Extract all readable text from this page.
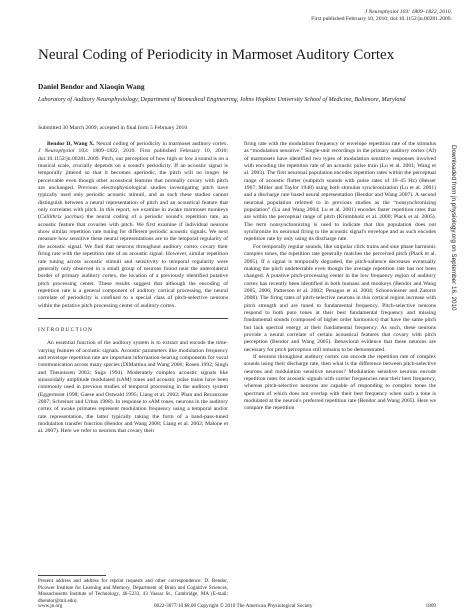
J Neurophysiol 103: 1809–1822, 2010.
First published February 10, 2010; doi:10.1152/jn.00281.2009.
Neural Coding of Periodicity in Marmoset Auditory Cortex
Daniel Bendor and Xiaoqin Wang
Laboratory of Auditory Neurophysiology, Department of Biomedical Engineering, Johns Hopkins University School of Medicine, Baltimore, Maryland
Submitted 30 March 2009; accepted in final form 5 February 2010

Bendor D, Wang X. Neural coding of periodicity in marmoset auditory cortex. J Neurophysiol 103: 1809–1822, 2010. First published February 10, 2010; doi:10.1152/jn.00281.2009. Pitch, our perception of how high or low a sound is on a musical scale, crucially depends on a sound's periodicity. If an acoustic signal is temporally jittered so that it becomes aperiodic, the pitch will no longer be perceivable even though other acoustical features that normally covary with pitch are unchanged. Previous electrophysiological studies investigating pitch have typically used only periodic acoustic stimuli, and as such these studies cannot distinguish between a neural representation of pitch and an acoustical feature that only correlates with pitch. In this report, we examine in awake marmoset monkeys (Callithrix jacchus) the neural coding of a periodic sound's repetition rate, an acoustic feature that covaries with pitch. We first examine if individual neurons show similar repetition rate tuning for different periodic acoustic signals. We next measure how sensitive these neural representations are to the temporal regularity of the acoustic signal. We find that neurons throughout auditory cortex covary their firing rate with the repetition rate of an acoustic signal. However, similar repetition rate tuning across acoustic stimuli and sensitivity to temporal regularity were generally only observed in a small group of neurons found near the anterolateral border of primary auditory cortex, the location of a previously identified putative pitch processing center. These results suggest that although the encoding of repetition rate is a general component of auditory cortical processing, the neural correlate of periodicity is confined to a special class of pitch-selective neurons within the putative pitch processing center of auditory cortex.

INTRODUCTION

An essential function of the auditory system is to extract and encode the time-varying features of acoustic signals. Acoustic parameters like modulation frequency and envelope repetition rate are important information-bearing components for vocal communication across many species (DiMattina and Wang 2006; Rosen 1992; Singh and Theunissen 2003; Suga 1994). Moderately complex acoustic signals like sinusoidally amplitude modulated (sAM) tones and acoustic pulse trains have been commonly used in previous studies of temporal processing in the auditory system (Eggermont 1998; Gaese and Ostwald 1995; Liang et al. 2002; Phan and Recanzone 2007; Schreiner and Urbas 1988). In response to sAM tones, neurons in the auditory cortex of awake primates represent modulation frequency using a temporal and/or rate representation, the latter typically taking the form of a band-pass-tuned modulation transfer function (Bendor and Wang 2008; Liang et al. 2002; Malone et al. 2007). Here we refer to neurons that covary their

firing rate with the modulation frequency or envelope repetition rate of the stimulus as “modulation sensitive.” Single-unit recordings in the primary auditory cortex (AI) of marmosets have identified two types of modulation sensitive responses involved with encoding the repetition rate of an acoustic pulse train (Lu et al. 2001; Wang et al. 2003). The first neuronal population encodes repetition rates within the perceptual range of acoustic flutter (subpitch sounds with pulse rates of 10–45 Hz) (Besser 1967; Miller and Taylor 1948) using both stimulus synchronization (Lu et al. 2001) and a discharge rate based neural representation (Bendor and Wang 2007). A second neuronal population referred to in previous studies as the “nonsynchronizing population” (Lu and Wang 2004; Lu et al. 2001) encodes faster repetition rates that are within the perceptual range of pitch (Krumbholz et al. 2000; Plack et al. 2005). The term nonsynchronizing is used to indicate that this population does not synchronize its neuronal firing to the acoustic signal's envelope and as such encodes repetition rate by only using its discharge rate.

For temporally regular sounds, like unipolar click trains and sine phase harmonic complex tones, the repetition rate generally matches the perceived pitch (Plack et al. 2005). If a signal is temporally degraded, the pitch-salience decreases eventually making the pitch undetectable even though the average repetition rate has not been changed. A putative pitch-processing center in the low frequency region of auditory cortex has recently been identified in both humans and monkeys (Bendor and Wang 2005, 2006; Patterson et al. 2002; Penagos et al. 2004; Schonwiesner and Zatorre 2008). The firing rates of pitch-selective neurons in this cortical region increase with pitch strength and are tuned to fundamental frequency. Pitch-selective neurons respond to both pure tones at their best fundamental frequency and missing fundamental sounds (composed of higher order harmonics) that have the same pitch but lack spectral energy at their fundamental frequency. As such, these neurons provide a neural correlate of certain acoustical features that covary with pitch perception (Bendor and Wang 2005). Behavioral evidence that these neurons are necessary for pitch perception still remains to be demonstrated.

If neurons throughout auditory cortex can encode the repetition rate of complex sounds using their discharge rate, then what is the difference between pitch-selective neurons and modulation sensitive neurons? Modulation sensitive neurons encode repetition rates for acoustic signals with carrier frequencies near their best frequency, whereas pitch-selective neurons are capable of responding to complex tones the spectrum of which does not overlap with their best frequency when such a tone is modulated at the neuron's preferred repetition rate (Bendor and Wang 2005). Here we compare the repetition

Present address and address for reprint requests and other correspondence: D. Bendor, Picower Institute for Learning and Memory, Department of Brain and Cognitive Sciences, Massachusetts Institute of Technology, 46-5233, 43 Vassar St., Cambridge, MA (E-mail: dbendor@mit.edu).
www.jn.org	0022-3077/10 $8.00 Copyright © 2010 The American Physiological Society	1809
Downloaded from jn.physiology.org on September 16, 2010
